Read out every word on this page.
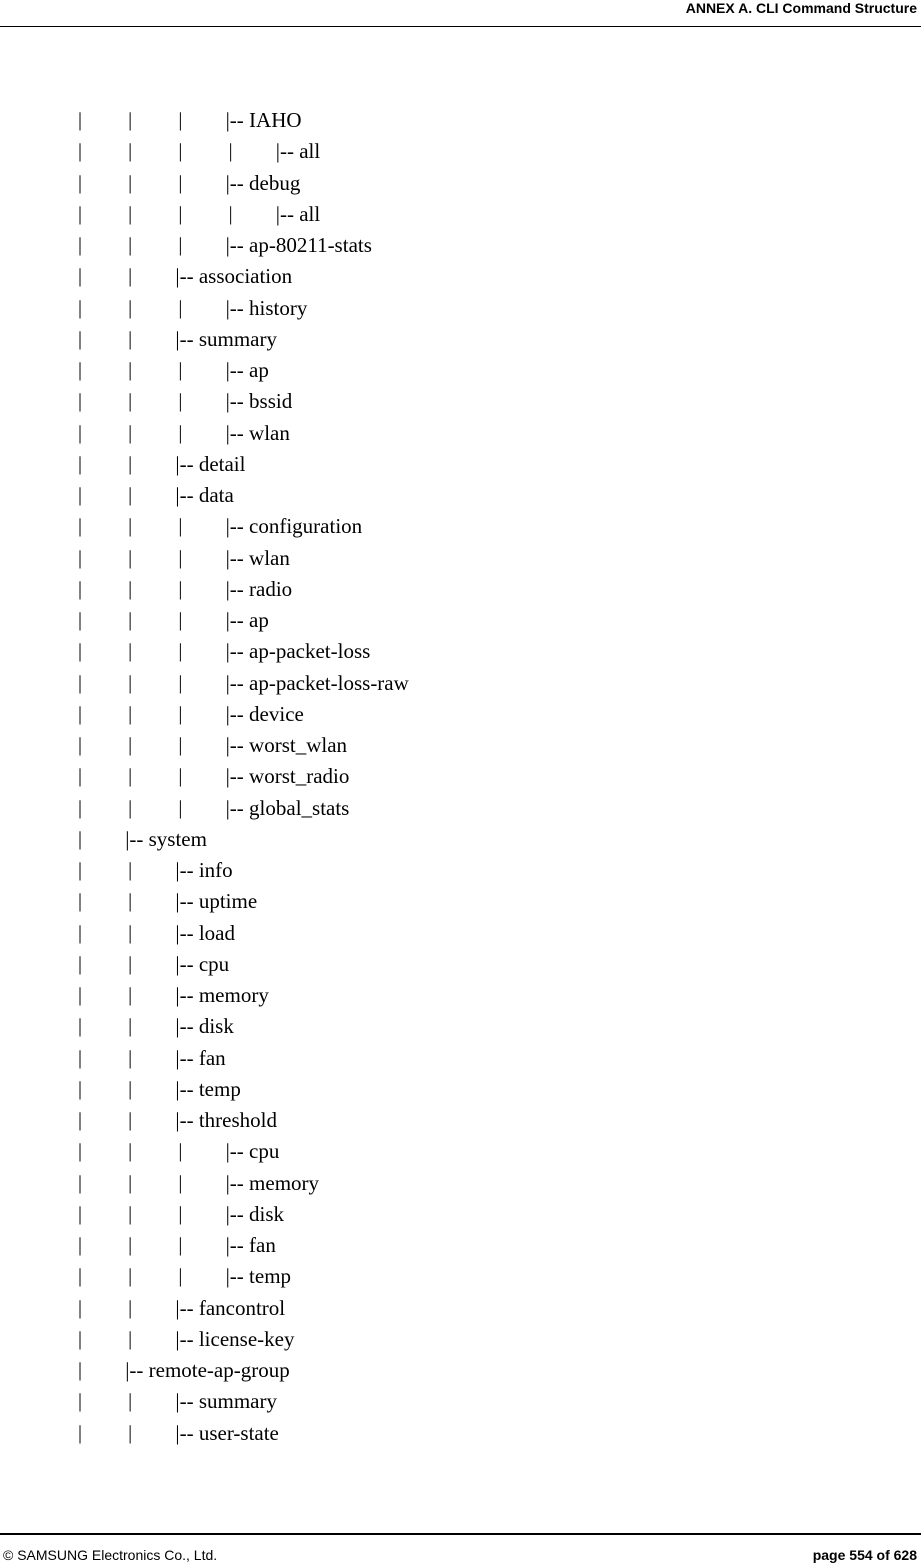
ANNEX A. CLI Command Structure
| | | |-- IAHO
| | | | |-- all
| | | |-- debug
| | | | |-- all
| | | |-- ap-80211-stats
| | |-- association
| | | |-- history
| | |-- summary
| | | |-- ap
| | | |-- bssid
| | | |-- wlan
| | |-- detail
| | |-- data
| | | |-- configuration
| | | |-- wlan
| | | |-- radio
| | | |-- ap
| | | |-- ap-packet-loss
| | | |-- ap-packet-loss-raw
| | | |-- device
| | | |-- worst_wlan
| | | |-- worst_radio
| | | |-- global_stats
| |-- system
| | |-- info
| | |-- uptime
| | |-- load
| | |-- cpu
| | |-- memory
| | |-- disk
| | |-- fan
| | |-- temp
| | |-- threshold
| | | |-- cpu
| | | |-- memory
| | | |-- disk
| | | |-- fan
| | | |-- temp
| | |-- fancontrol
| | |-- license-key
| |-- remote-ap-group
| | |-- summary
| | |-- user-state
© SAMSUNG Electronics Co., Ltd.	page 554 of 628
